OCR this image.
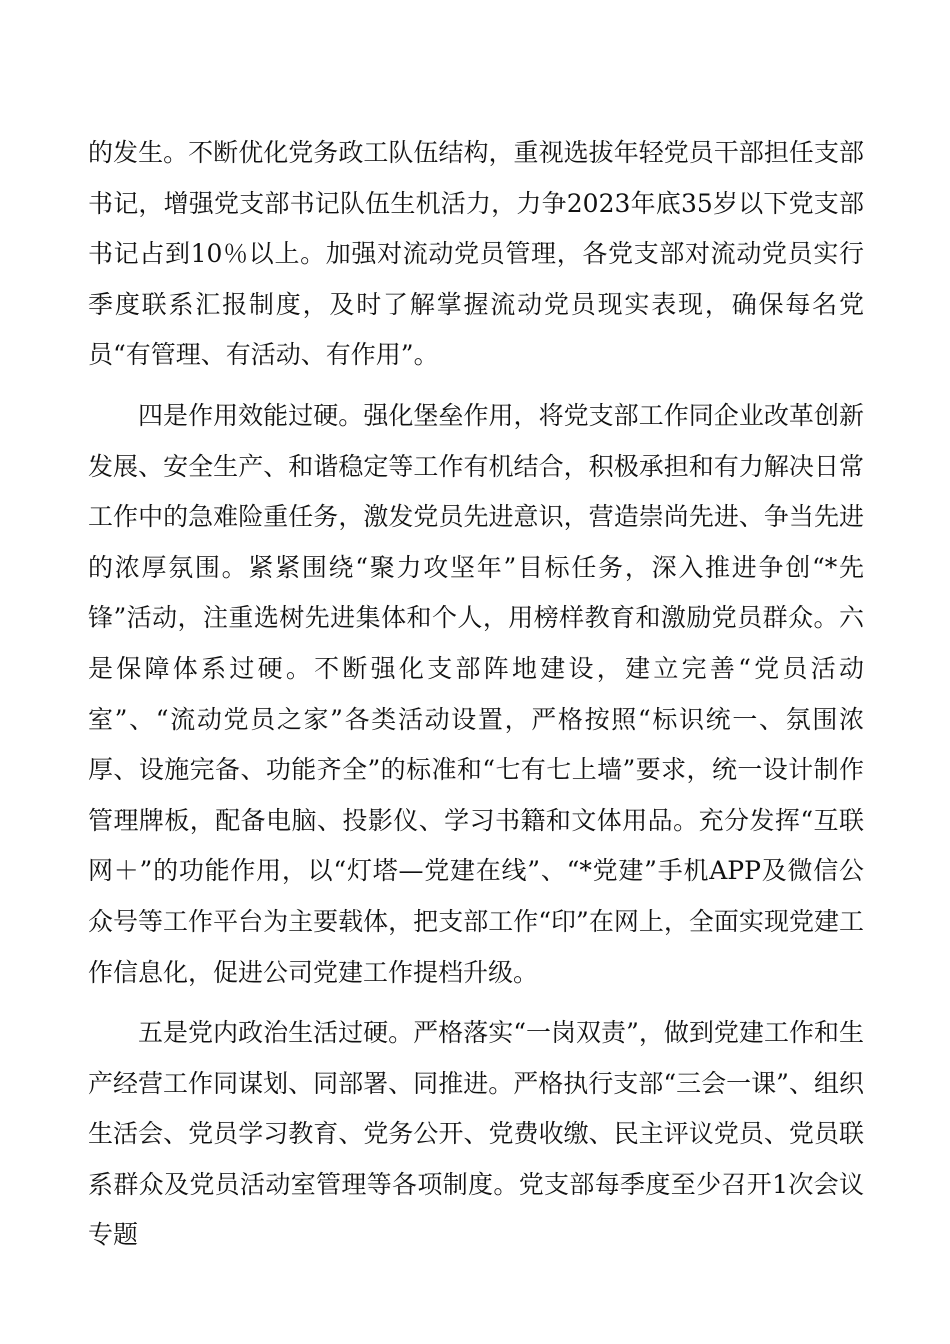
的发生。不断优化党务政工队伍结构，重视选拔年轻党员干部担任支部书记，增强党支部书记队伍生机活力，力争2023年底35岁以下党支部书记占到10％以上。加强对流动党员管理，各党支部对流动党员实行季度联系汇报制度，及时了解掌握流动党员现实表现，确保每名党员“有管理、有活动、有作用”。

四是作用效能过硬。强化堡垒作用，将党支部工作同企业改革创新发展、安全生产、和谐稳定等工作有机结合，积极承担和有力解决日常工作中的急难险重任务，激发党员先进意识，营造崇尚先进、争当先进的浓厚氛围。紧紧围绕“聚力攻坚年”目标任务，深入推进争创“*先锋”活动，注重选树先进集体和个人，用榜样教育和激励党员群众。六是保障体系过硬。不断强化支部阵地建设，建立完善“党员活动室”、“流动党员之家”各类活动设置，严格按照“标识统一、氛围浓厚、设施完备、功能齐全”的标准和“七有七上墙”要求，统一设计制作管理牌板，配备电脑、投影仪、学习书籍和文体用品。充分发挥“互联网＋”的功能作用，以“灯塔—党建在线”、“*党建”手机APP及微信公众号等工作平台为主要载体，把支部工作“印”在网上，全面实现党建工作信息化，促进公司党建工作提档升级。

五是党内政治生活过硬。严格落实“一岗双责”，做到党建工作和生产经营工作同谋划、同部署、同推进。严格执行支部“三会一课”、组织生活会、党员学习教育、党务公开、党费收缴、民主评议党员、党员联系群众及党员活动室管理等各项制度。党支部每季度至少召开1次会议专题
